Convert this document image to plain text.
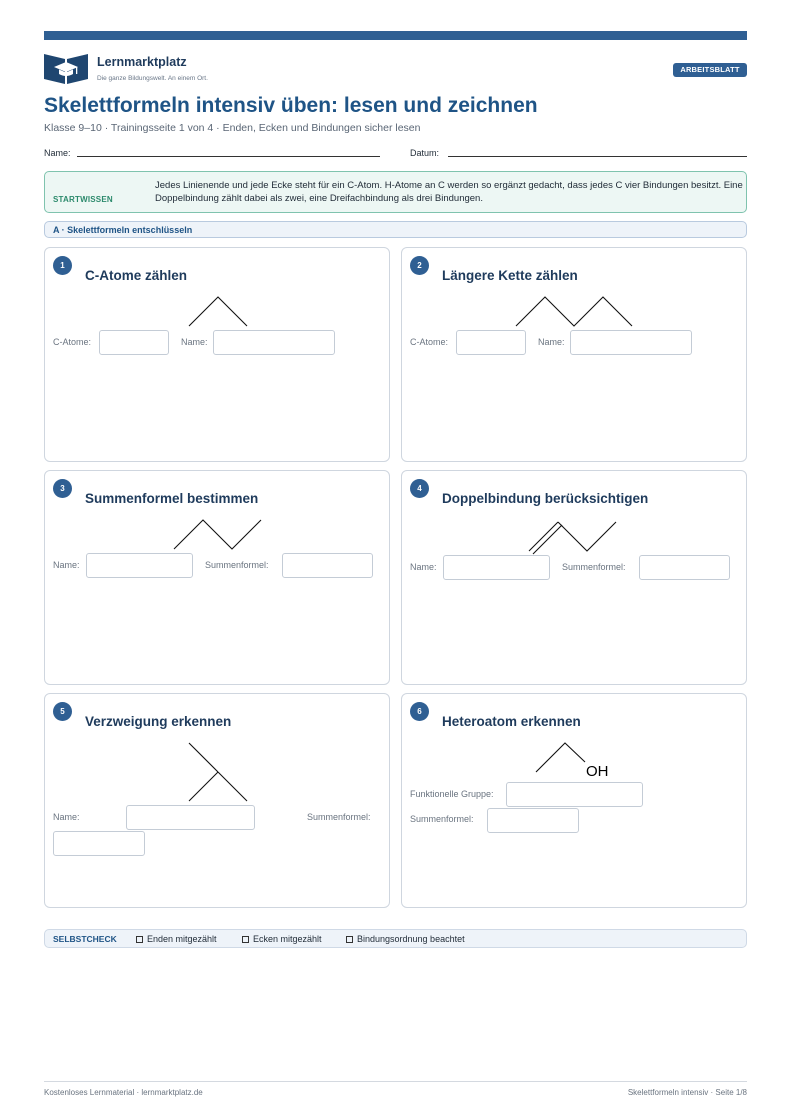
Lernmarktplatz
Die ganze Bildungswelt. An einem Ort.
ARBEITSBLATT
Skelettformeln intensiv üben: lesen und zeichnen
Klasse 9–10 · Trainingsseite 1 von 4 · Enden, Ecken und Bindungen sicher lesen
Name:	Datum:
STARTWISSEN
Jedes Linienende und jede Ecke steht für ein C-Atom. H-Atome an C werden so ergänzt gedacht, dass jedes C vier Bindungen besitzt. Eine Doppelbindung zählt dabei als zwei, eine Dreifachbindung als drei Bindungen.
A · Skelettformeln entschlüsseln
1
C-Atome zählen
C-Atome:	Name:
2
Längere Kette zählen
C-Atome:	Name:
3
Summenformel bestimmen
Name:	Summenformel:
4
Doppelbindung berücksichtigen
Name:	Summenformel:
5
Verzweigung erkennen
Name:	Summenformel:
6
Heteroatom erkennen
OH
Funktionelle Gruppe:
Summenformel:
SELBSTCHECK	Enden mitgezählt	Ecken mitgezählt	Bindungsordnung beachtet
Kostenloses Lernmaterial · lernmarktplatz.de	Skelettformeln intensiv · Seite 1/8
